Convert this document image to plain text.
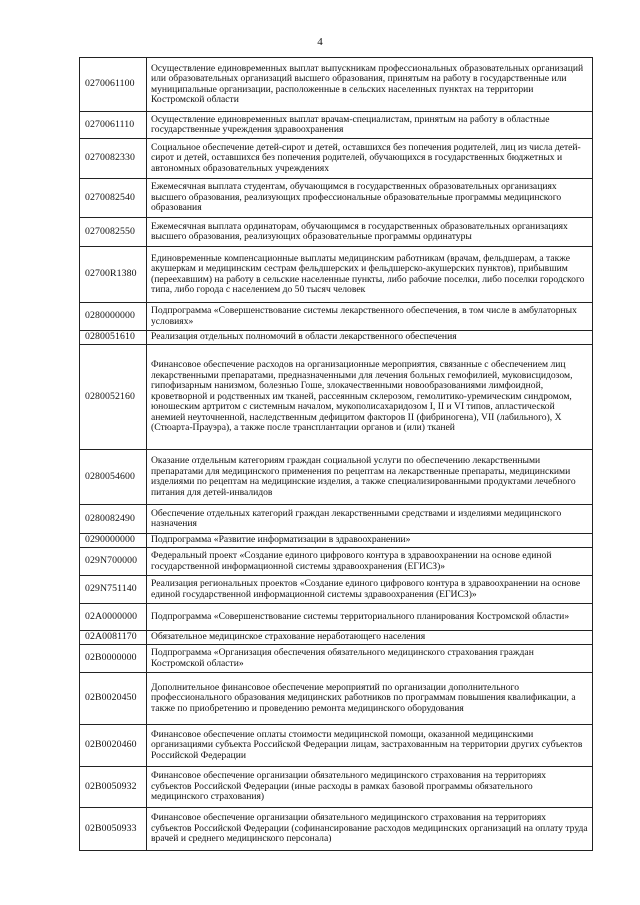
4
0270061100	Осуществление единовременных выплат выпускникам профессиональных образовательных организаций или образовательных организаций высшего образования, принятым на работу в государственные или муниципальные организации, расположенные в сельских населенных пунктах на территории Костромской области
0270061110	Осуществление единовременных выплат врачам-специалистам, принятым на работу в областные государственные учреждения здравоохранения
0270082330	Социальное обеспечение детей-сирот и детей, оставшихся без попечения родителей, лиц из числа детей-сирот и детей, оставшихся без попечения родителей, обучающихся в государственных бюджетных и автономных образовательных учреждениях
0270082540	Ежемесячная выплата студентам, обучающимся в государственных образовательных организациях высшего образования, реализующих профессиональные образовательные программы медицинского образования
0270082550	Ежемесячная выплата ординаторам, обучающимся в государственных образовательных организациях высшего образования, реализующих образовательные программы ординатуры
02700R1380	Единовременные компенсационные выплаты медицинским работникам (врачам, фельдшерам, а также акушеркам и медицинским сестрам фельдшерских и фельдшерско-акушерских пунктов), прибывшим (переехавшим) на работу в сельские населенные пункты, либо рабочие поселки, либо поселки городского типа, либо города с населением до 50 тысяч человек
0280000000	Подпрограмма «Совершенствование системы лекарственного обеспечения, в том числе в амбулаторных условиях»
0280051610	Реализация отдельных полномочий в области лекарственного обеспечения
0280052160	Финансовое обеспечение расходов на организационные мероприятия, связанные с обеспечением лиц лекарственными препаратами, предназначенными для лечения больных гемофилией, муковисцидозом, гипофизарным нанизмом, болезнью Гоше, злокачественными новообразованиями лимфоидной, кроветворной и родственных им тканей, рассеянным склерозом, гемолитико-уремическим синдромом, юношеским артритом с системным началом, мукополисахаридозом I, II и VI типов, апластической анемией неуточненной, наследственным дефицитом факторов II (фибриногена), VII (лабильного), X (Стюарта-Прауэра), а также после трансплантации органов и (или) тканей
0280054600	Оказание отдельным категориям граждан социальной услуги по обеспечению лекарственными препаратами для медицинского применения по рецептам на лекарственные препараты, медицинскими изделиями по рецептам на медицинские изделия, а также специализированными продуктами лечебного питания для детей-инвалидов
0280082490	Обеспечение отдельных категорий граждан лекарственными средствами и изделиями медицинского назначения
0290000000	Подпрограмма «Развитие информатизации в здравоохранении»
029N700000	Федеральный проект «Создание единого цифрового контура в здравоохранении на основе единой государственной информационной системы здравоохранения (ЕГИСЗ)»
029N751140	Реализация региональных проектов «Создание единого цифрового контура в здравоохранении на основе единой государственной информационной системы здравоохранения (ЕГИСЗ)»
02А0000000	Подпрограмма «Совершенствование системы территориального планирования Костромской области»
02А0081170	Обязательное медицинское страхование неработающего населения
02В0000000	Подпрограмма «Организация обеспечения обязательного медицинского страхования граждан Костромской области»
02В0020450	Дополнительное финансовое обеспечение мероприятий по организации дополнительного профессионального образования медицинских работников по программам повышения квалификации, а также по приобретению и проведению ремонта медицинского оборудования
02В0020460	Финансовое обеспечение оплаты стоимости медицинской помощи, оказанной медицинскими организациями субъекта Российской Федерации лицам, застрахованным на территории других субъектов Российской Федерации
02В0050932	Финансовое обеспечение организации обязательного медицинского страхования на территориях субъектов Российской Федерации (иные расходы в рамках базовой программы обязательного медицинского страхования)
02В0050933	Финансовое обеспечение организации обязательного медицинского страхования на территориях субъектов Российской Федерации (софинансирование расходов медицинских организаций на оплату труда врачей и среднего медицинского персонала)
